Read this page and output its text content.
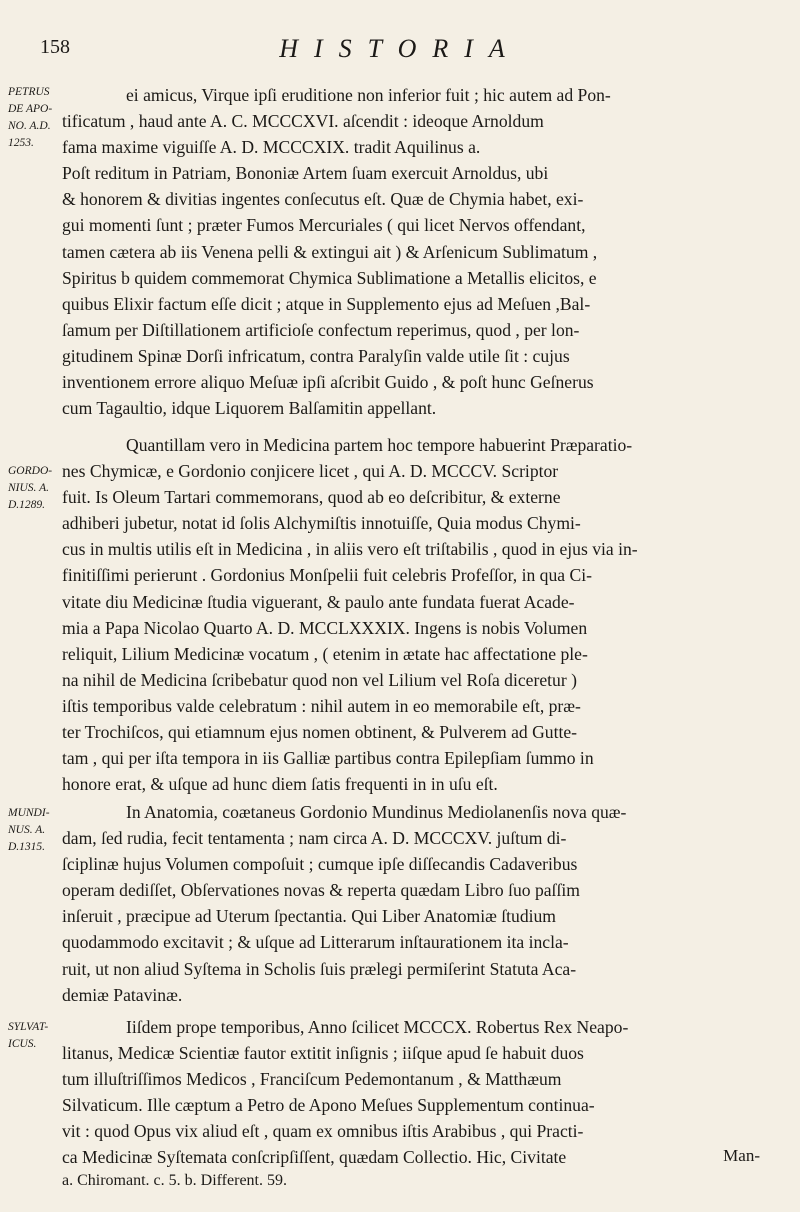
158	HISTORIA
PETRUS
DE APO-
NO. A.D.
1253.
ei amicus, Virque ipſi eruditione non inferior fuit ; hic autem ad Pon-
tificatum , haud ante A. C. MCCCXVI. aſcendit : ideoque Arnoldum
fama maxime viguiſſe A. D. MCCCXIX. tradit Aquilinus a.
Poſt reditum in Patriam, Bononiæ Artem ſuam exercuit Arnoldus, ubi
& honorem & divitias ingentes conſecutus eſt. Quæ de Chymia habet, exi-
gui momenti ſunt ; præter Fumos Mercuriales ( qui licet Nervos offendant,
tamen cætera ab iis Venena pelli & extingui ait ) & Arſenicum Sublimatum ,
Spiritus b quidem commemorat Chymica Sublimatione a Metallis elicitos, e
quibus Elixir factum eſſe dicit ; atque in Supplemento ejus ad Meſuen ,Bal-
ſamum per Diſtillationem artificioſe confectum reperimus, quod , per lon-
gitudinem Spinæ Dorſi infricatum, contra Paralyſin valde utile ſit : cujus
inventionem errore aliquo Meſuæ ipſi aſcribit Guido , & poſt hunc Geſnerus
cum Tagaultio, idque Liquorem Balſamitin appellant.
GORDO-
NIUS. A.
D.1289.
Quantillam vero in Medicina partem hoc tempore habuerint Præparatio-
nes Chymicæ, e Gordonio conjicere licet , qui A. D. MCCCV. Scriptor
fuit. Is Oleum Tartari commemorans, quod ab eo deſcribitur, & externe
adhiberi jubetur, notat id ſolis Alchymiſtis innotuiſſe, Quia modus Chymi-
cus in multis utilis eſt in Medicina , in aliis vero eſt triſtabilis , quod in ejus via in-
finitiſſimi perierunt . Gordonius Monſpelii fuit celebris Profeſſor, in qua Ci-
vitate diu Medicinæ ſtudia viguerant, & paulo ante fundata fuerat Acade-
mia a Papa Nicolao Quarto A. D. MCCLXXXIX. Ingens is nobis Volumen
reliquit, Lilium Medicinæ vocatum , ( etenim in ætate hac affectatione ple-
na nihil de Medicina ſcribebatur quod non vel Lilium vel Roſa diceretur )
iſtis temporibus valde celebratum : nihil autem in eo memorabile eſt, præ-
ter Trochiſcos, qui etiamnum ejus nomen obtinent, & Pulverem ad Gutte-
tam , qui per iſta tempora in iis Galliæ partibus contra Epilepſiam ſummo in
honore erat, & uſque ad hunc diem ſatis frequenti in in uſu eſt.
MUNDI-
NUS. A.
D.1315.
In Anatomia, coætaneus Gordonio Mundinus Mediolanenſis nova quæ-
dam, ſed rudia, fecit tentamenta ; nam circa A. D. MCCCXV. juſtum di-
ſciplinæ hujus Volumen compoſuit ; cumque ipſe diſſecandis Cadaveribus
operam dediſſet, Obſervationes novas & reperta quædam Libro ſuo paſſim
inſeruit , præcipue ad Uterum ſpectantia. Qui Liber Anatomiæ ſtudium
quodammodo excitavit ; & uſque ad Litterarum inſtaurationem ita incla-
ruit, ut non aliud Syſtema in Scholis ſuis prælegi permiſerint Statuta Aca-
demiæ Patavinæ.
SYLVAT-
ICUS.
Iiſdem prope temporibus, Anno ſcilicet MCCCX. Robertus Rex Neapo-
litanus, Medicæ Scientiæ fautor extitit inſignis ; iiſque apud ſe habuit duos
tum illuſtriſſimos Medicos , Franciſcum Pedemontanum , & Matthæum
Silvaticum. Ille cæptum a Petro de Apono Meſues Supplementum continua-
vit : quod Opus vix aliud eſt , quam ex omnibus iſtis Arabibus , qui Practi-
ca Medicinæ Syſtemata conſcripſiſſent, quædam Collectio. Hic, Civitate	Man-
a. Chiromant. c. 5. b. Different. 59.
